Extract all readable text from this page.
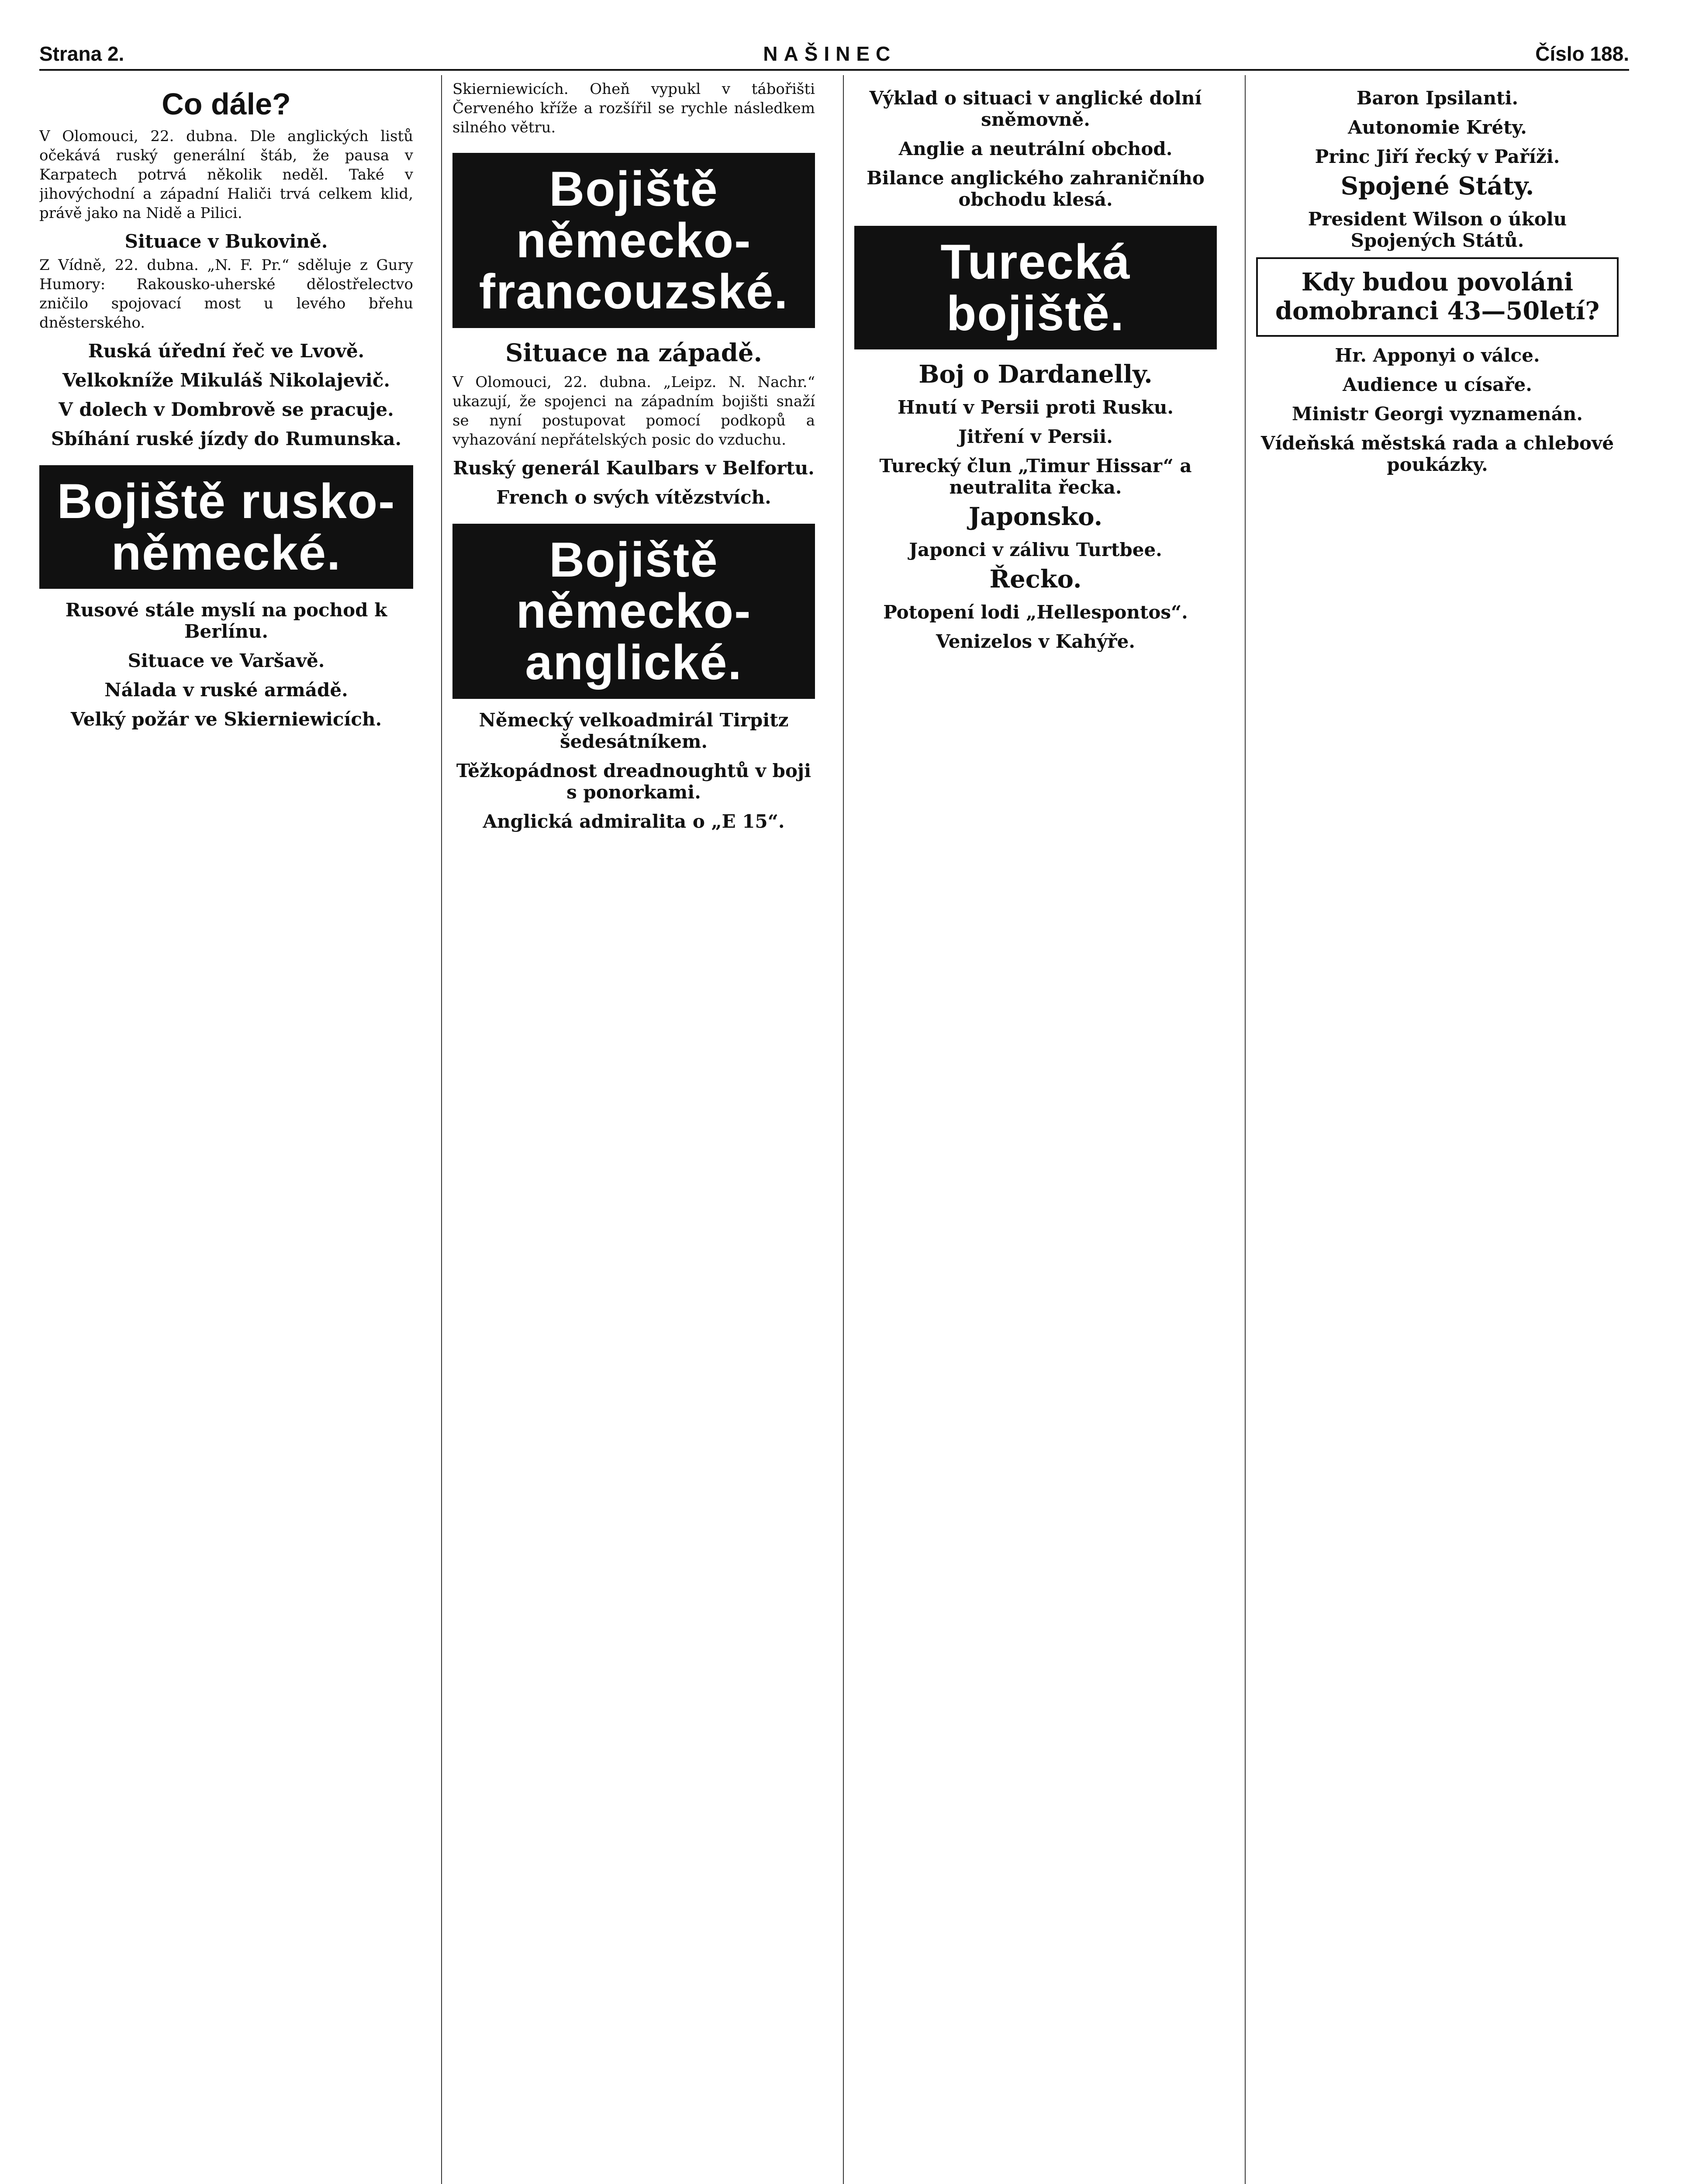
Strana 2.	NAŠINEC	Číslo 188.
Co dále?

V Olomouci, 22. dubna. Dle anglických listů očekává ruský generální štáb, že pausa v Karpatech potrvá několik neděl. Také v jihovýchodní a západní Haliči trvá celkem klid, právě jako na Nidě a Pilici.

Situace v Bukovině.

Z Vídně, 22. dubna. „N. F. Pr.“ sděluje z Gury Humory: Rakousko-uherské dělostřelectvo zničilo spojovací most u levého břehu dněsterského.

Ruská úřední řeč ve Lvově.
Velkokníže Mikuláš Nikolajevič.
V dolech v Dombrově se pracuje.
Sbíhání ruské jízdy do Rumunska.
Bojiště rusko-německé.
Rusové stále myslí na pochod k Berlínu.
Situace ve Varšavě.
Nálada v ruské armádě.
Velký požár ve Skierniewicích.

Skierniewicích. Oheň vypukl v tábořišti Červeného kříže a rozšířil se rychle následkem silného větru.

Bojiště německo-francouzské.
Situace na západě.

V Olomouci, 22. dubna. „Leipz. N. Nachr.“ ukazují, že spojenci na západním bojišti snaží se nyní postupovat pomocí podkopů a vyhazování nepřátelských posic do vzduchu.

Ruský generál Kaulbars v Belfortu.
French o svých vítězstvích.
Bojiště německo-anglické.
Německý velkoadmirál Tirpitz šedesátníkem.
Těžkopádnost dreadnoughtů v boji s ponorkami.
Anglická admiralita o „E 15“.
Výklad o situaci v anglické dolní sněmovně.
Anglie a neutrální obchod.
Bilance anglického zahraničního obchodu klesá.
Turecká bojiště.
Boj o Dardanelly.
Hnutí v Persii proti Rusku.
Jitření v Persii.
Turecký člun „Timur Hissar“ a neutralita řecka.
Japonsko.
Japonci v zálivu Turtbee.
Řecko.
Potopení lodi „Hellespontos“.
Venizelos v Kahýře.
Baron Ipsilanti.
Autonomie Kréty.
Princ Jiří řecký v Paříži.
Spojené Státy.
President Wilson o úkolu Spojených Států.
Kdy budou povoláni domobranci 43—50letí?
Hr. Apponyi o válce.
Audience u císaře.
Ministr Georgi vyznamenán.
Vídeňská městská rada a chlebové poukázky.
